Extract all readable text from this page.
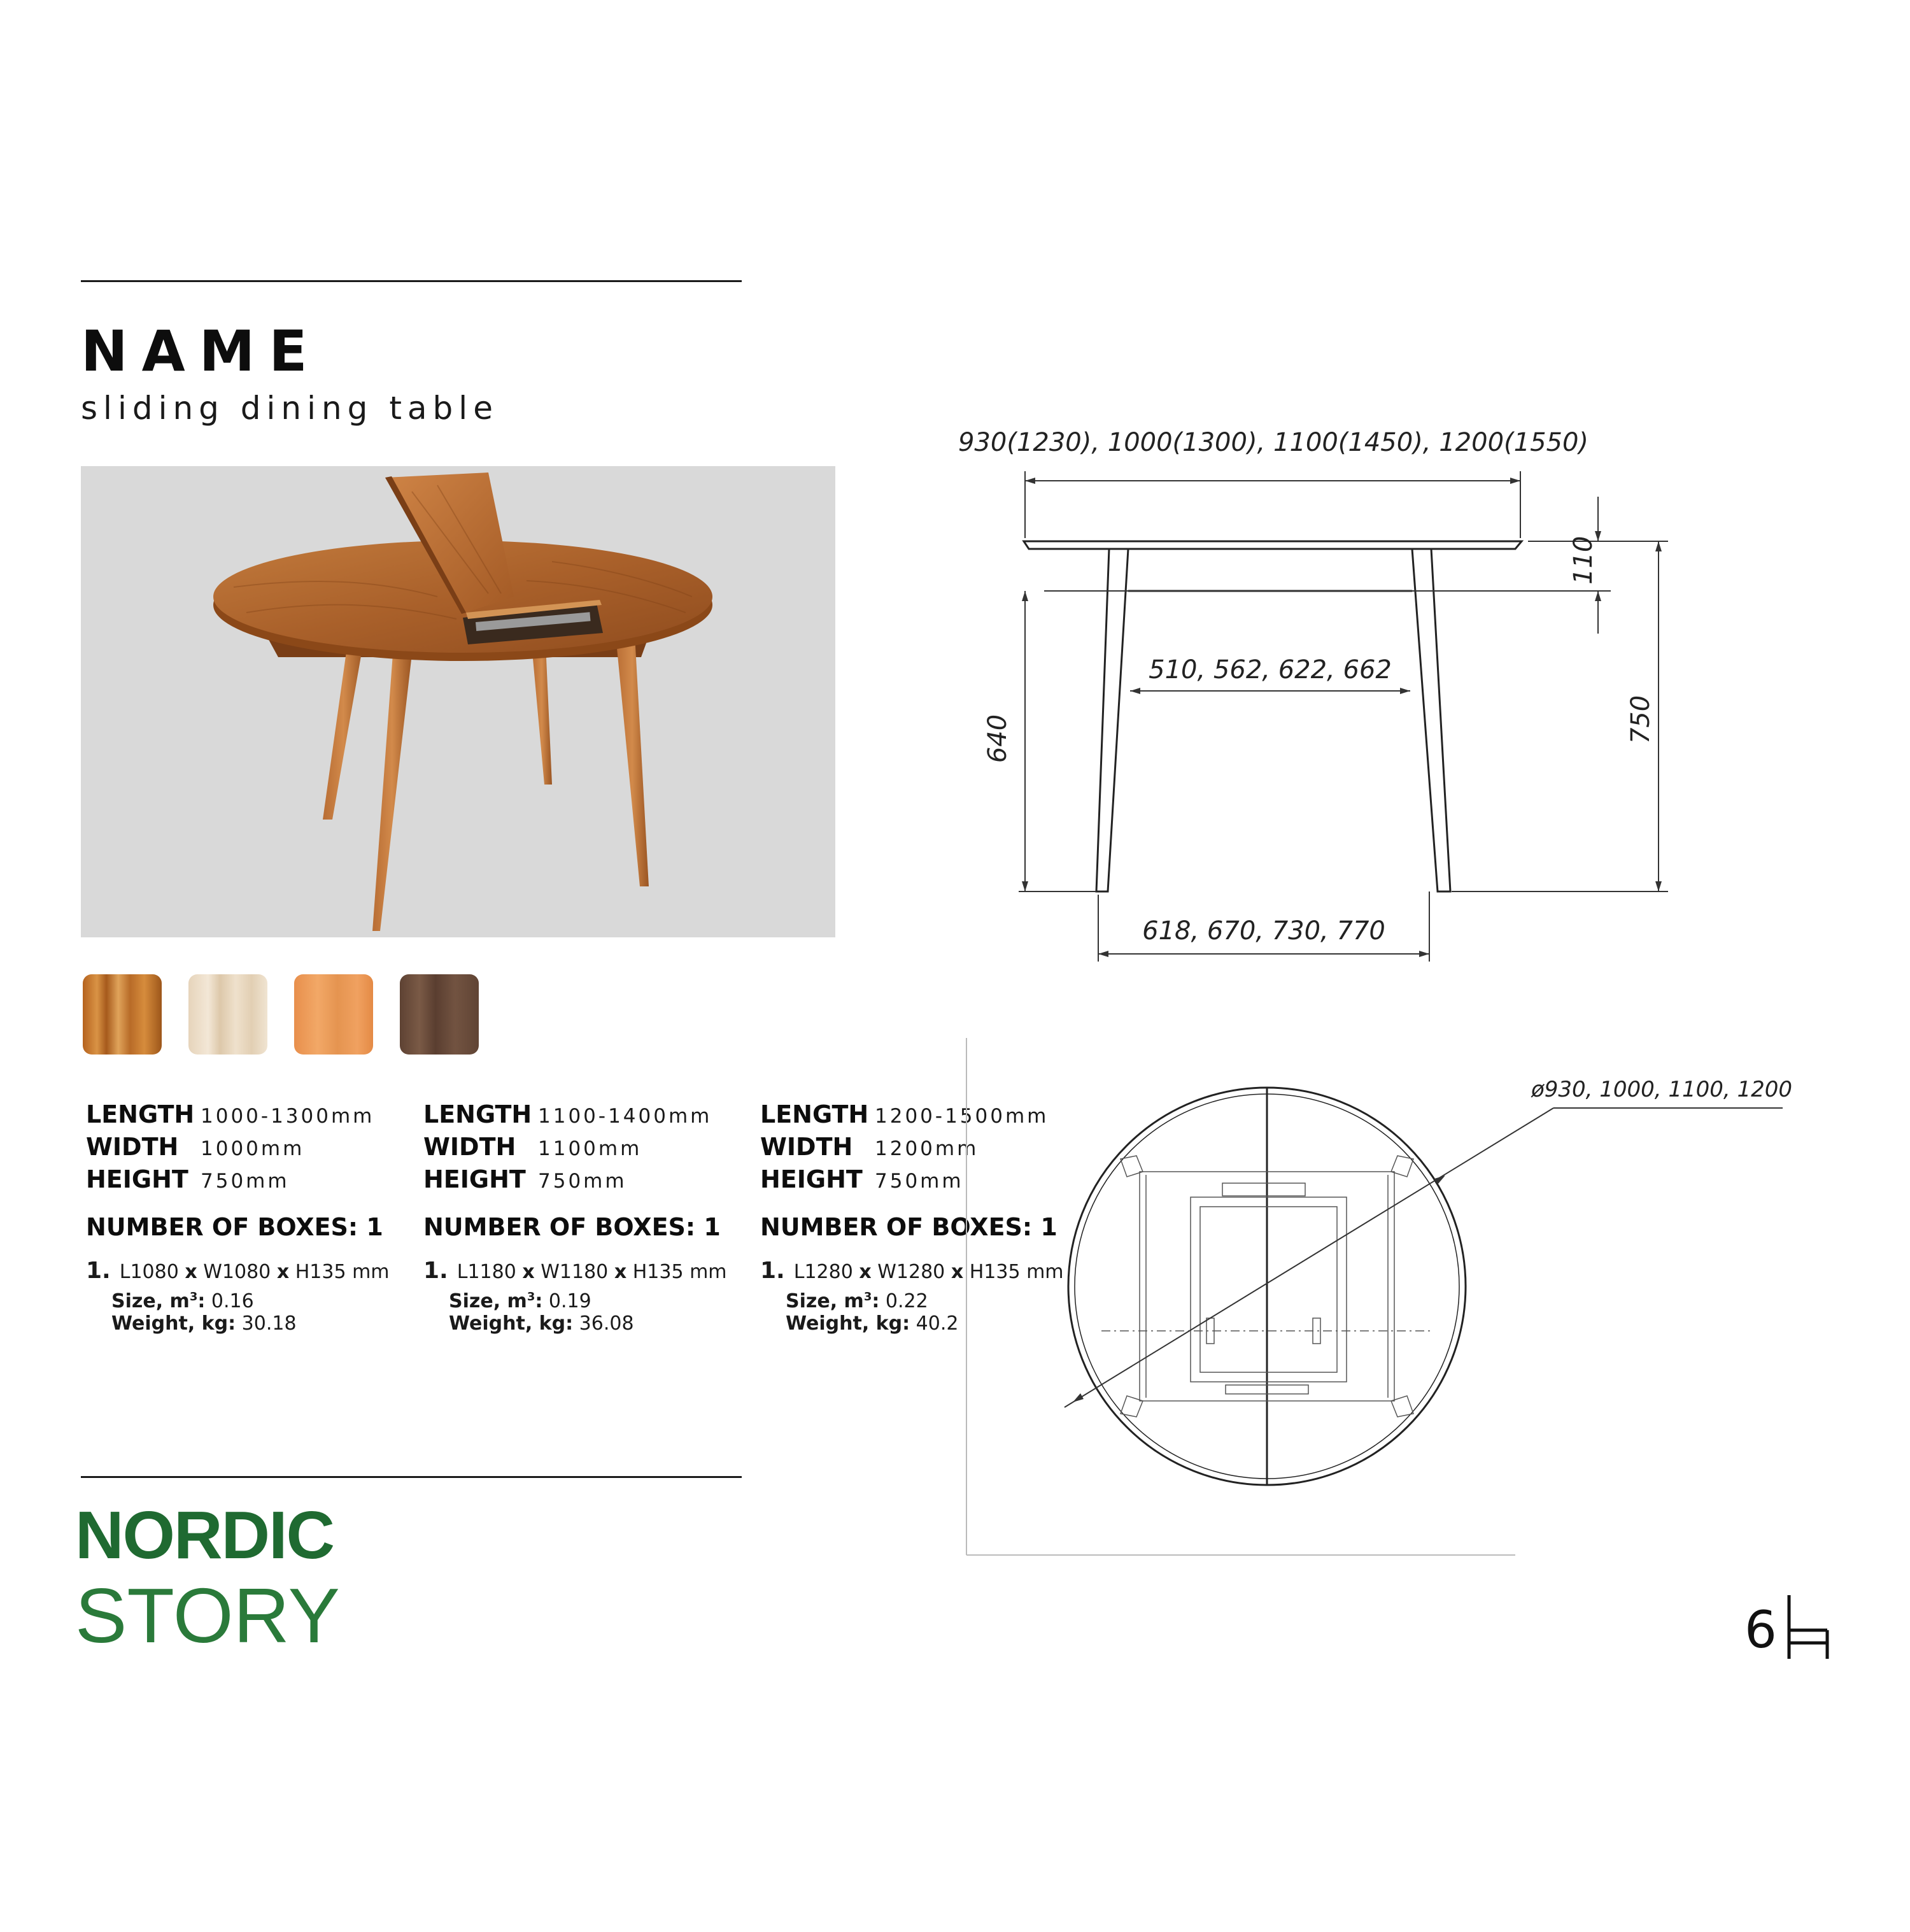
NAME
sliding dining table
LENGTH 1000-1300mm
WIDTH 1000mm
HEIGHT 750mm
NUMBER OF BOXES: 1
1. L1080 x W1080 x H135 mm
Size, $m^3$: 0.16
Weight, kg: 30.18
LENGTH 1100-1400mm
WIDTH 1100mm
HEIGHT 750mm
NUMBER OF BOXES: 1
1. L1180 x W1180 x H135 mm
Size, $m^3$: 0.19
Weight, kg: 36.08
LENGTH 1200-1500mm
WIDTH 1200mm
HEIGHT 750mm
NUMBER OF BOXES: 1
1. L1280 x W1280 x H135 mm
Size, $m^3$: 0.22
Weight, kg: 40.2
NORDIC
STORY
930(1230), 1000(1300), 1100(1450), 1200(1550)
110
510, 562, 622, 662
640	750
618, 670, 730, 770
ø930, 1000, 1100, 1200
6
